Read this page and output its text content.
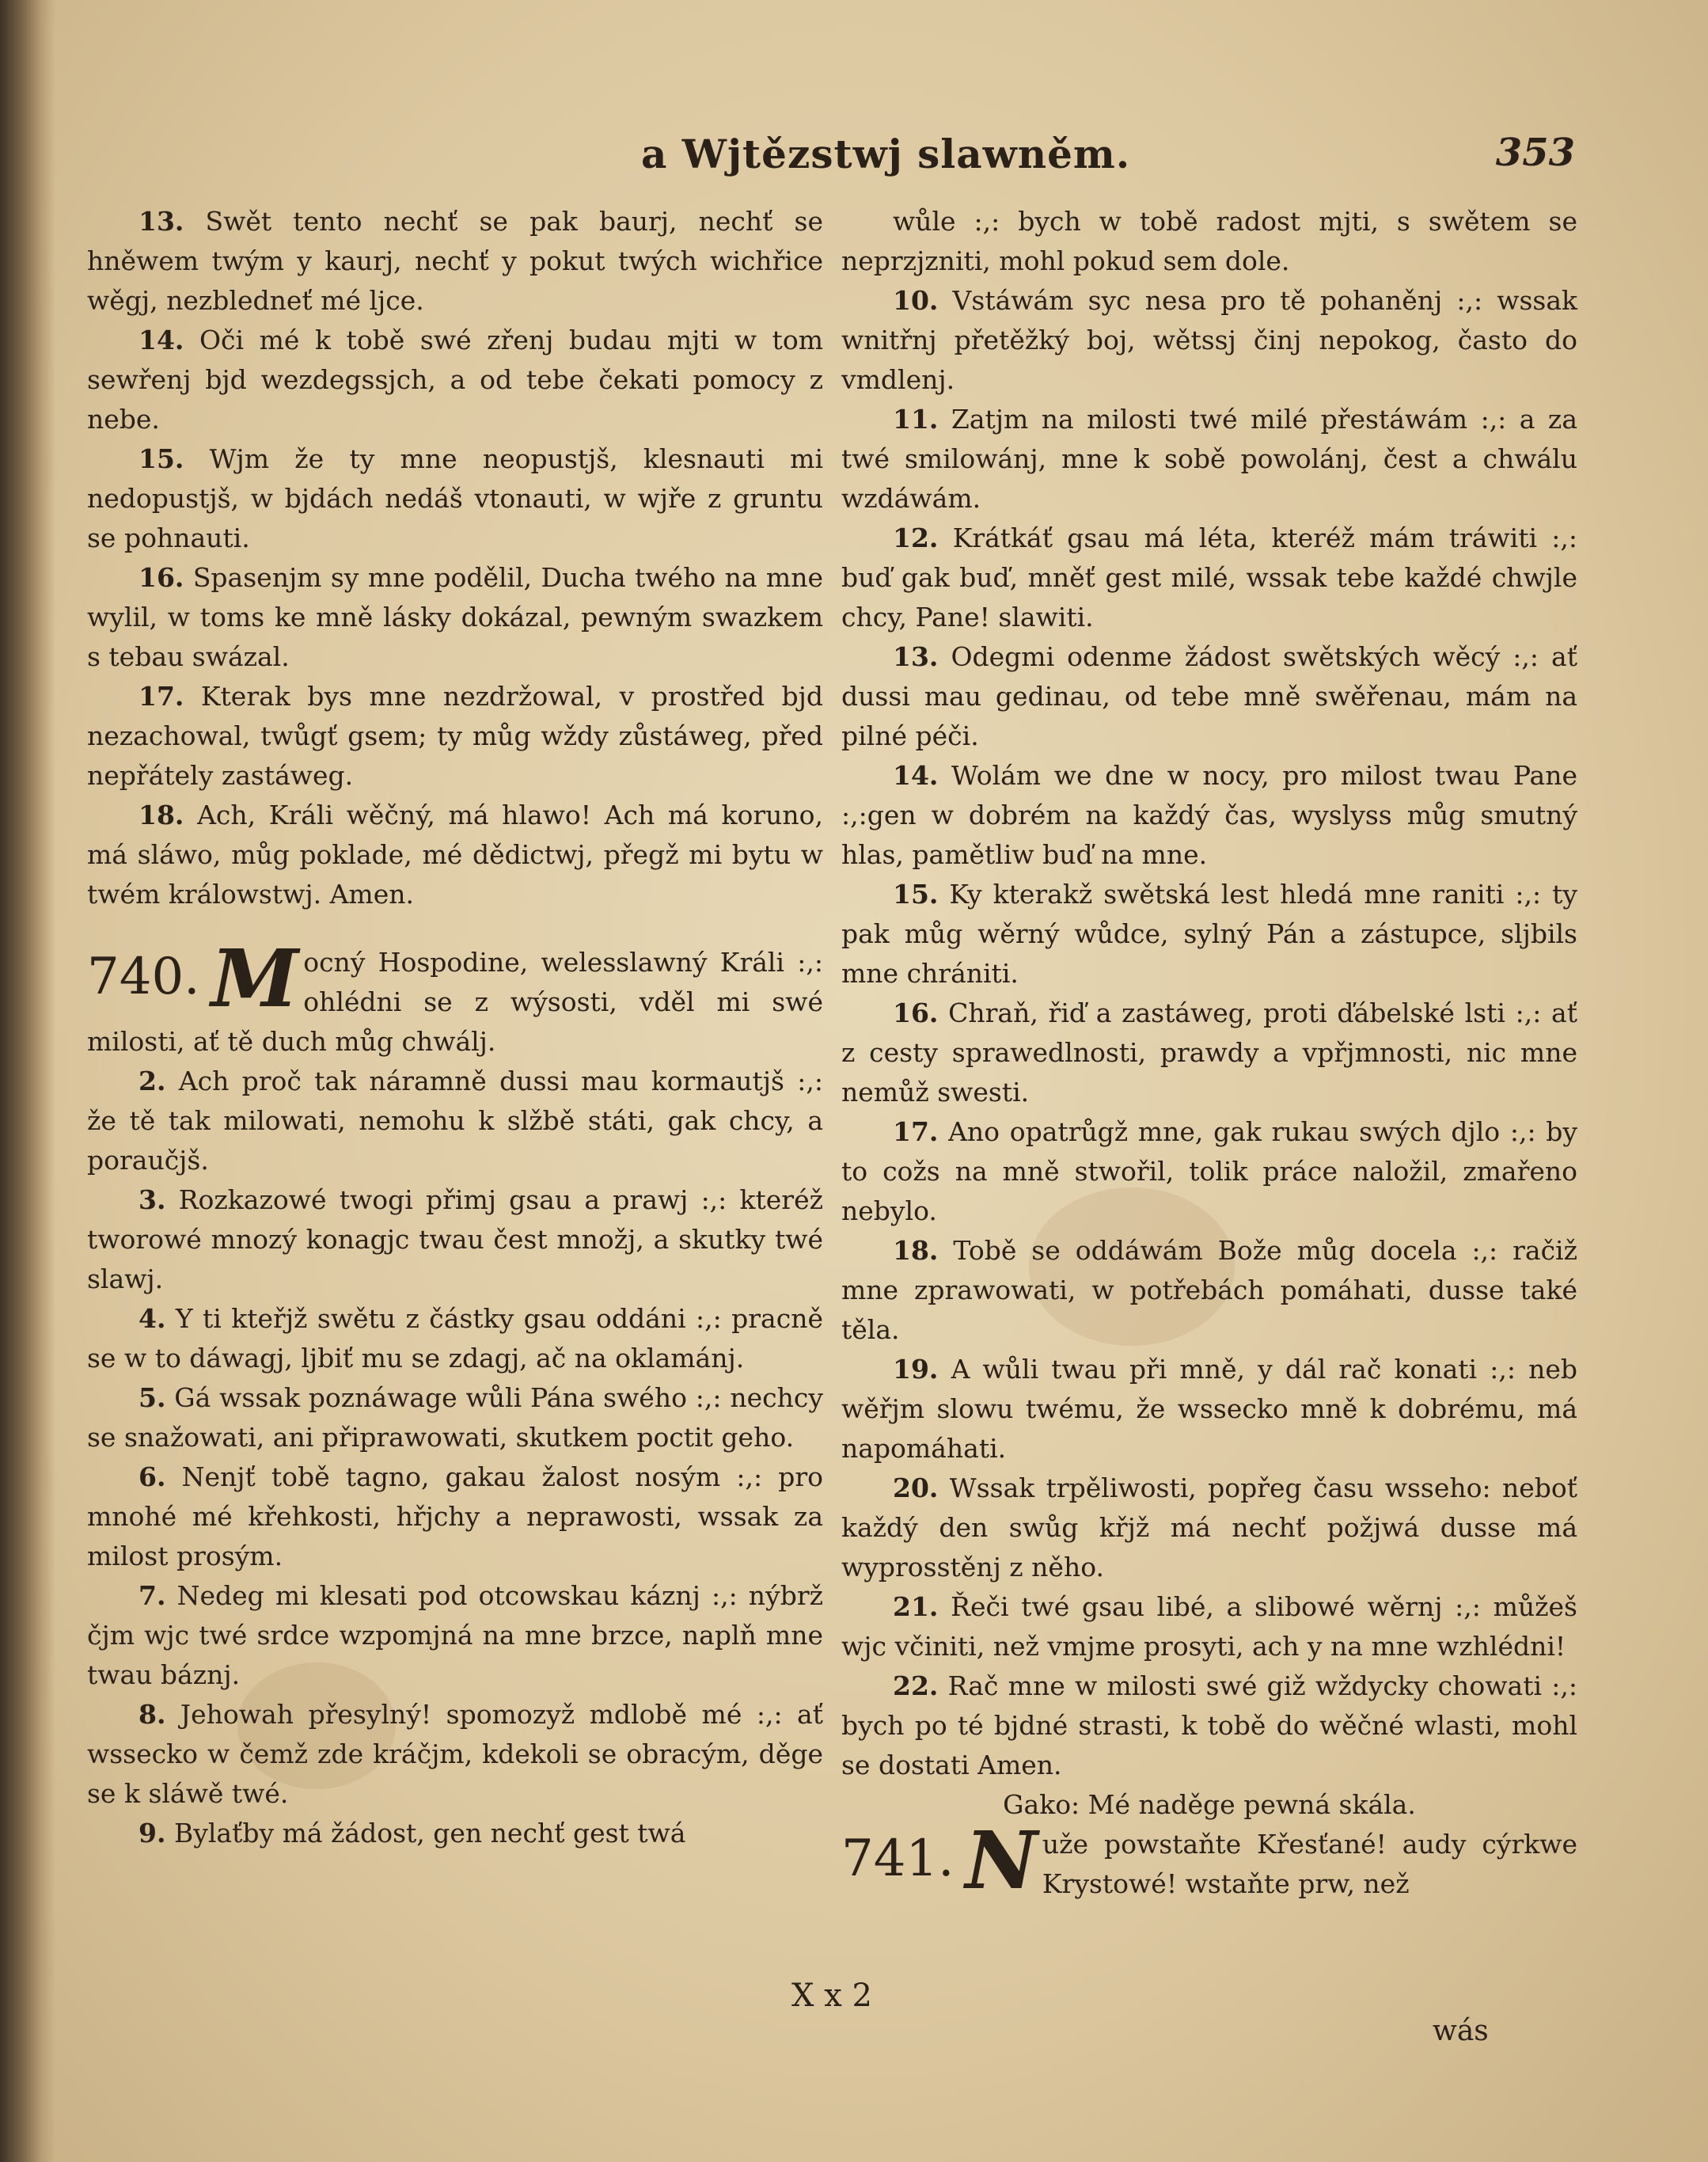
a Wjtězstwj slawněm.	353

13. Swět tento nechť se pak baurj, nechť se hněwem twým y kaurj, nechť y pokut twých wichřice wěgj, nezbledneť mé ljce.

14. Oči mé k tobě swé zřenj budau mjti w tom sewřenj bjd wezdegssjch, a od tebe čekati pomocy z nebe.

15. Wjm že ty mne neopustjš, klesnauti mi nedopustjš, w bjdách nedáš vtonauti, w wjře z gruntu se pohnauti.

16. Spasenjm sy mne podělil, Ducha twého na mne wylil, w toms ke mně lásky dokázal, pewným swazkem s tebau swázal.

17. Kterak bys mne nezdržowal, v prostřed bjd nezachowal, twůgť gsem; ty můg wždy zůstáweg, před nepřátely zastáweg.

18. Ach, Králi wěčný, má hlawo! Ach má koruno, má sláwo, můg poklade, mé dědictwj, přegž mi bytu w twém králowstwj. Amen.

740. M ocný Hospodine, welesslawný Králi :,: ohlédni se z wýsosti, vděl mi swé milosti, ať tě duch můg chwálj.

2. Ach proč tak náramně dussi mau kormautjš :,: že tě tak milowati, nemohu k slžbě státi, gak chcy, a poraučjš.

3. Rozkazowé twogi přimj gsau a prawj :,: kteréž tworowé mnozý konagjc twau čest množj, a skutky twé slawj.

4. Y ti kteřjž swětu z částky gsau oddáni :,: pracně se w to dáwagj, ljbiť mu se zdagj, ač na oklamánj.

5. Gá wssak poznáwage wůli Pána swého :,: nechcy se snažowati, ani připrawowati, skutkem poctit geho.

6. Nenjť tobě tagno, gakau žalost nosým :,: pro mnohé mé křehkosti, hřjchy a neprawosti, wssak za milost prosým.

7. Nedeg mi klesati pod otcowskau káznj :,: nýbrž čjm wjc twé srdce wzpomjná na mne brzce, naplň mne twau báznj.

8. Jehowah přesylný! spomozyž mdlobě mé :,: ať wssecko w čemž zde kráčjm, kdekoli se obracým, děge se k sláwě twé.

9. Bylaťby má žádost, gen nechť gest twá

wůle :,: bych w tobě radost mjti, s swětem se neprzjzniti, mohl pokud sem dole.

10. Vstáwám syc nesa pro tě pohaněnj :,: wssak wnitřnj přetěžký boj, wětssj činj nepokog, často do vmdlenj.

11. Zatjm na milosti twé milé přestáwám :,: a za twé smilowánj, mne k sobě powolánj, čest a chwálu wzdáwám.

12. Krátkáť gsau má léta, kteréž mám tráwiti :,: buď gak buď, mněť gest milé, wssak tebe každé chwjle chcy, Pane! slawiti.

13. Odegmi odenme žádost swětských wěcý :,: ať dussi mau gedinau, od tebe mně swěřenau, mám na pilné péči.

14. Wolám we dne w nocy, pro milost twau Pane :,:gen w dobrém na každý čas, wyslyss můg smutný hlas, pamětliw buď na mne.

15. Ky kterakž swětská lest hledá mne raniti :,: ty pak můg wěrný wůdce, sylný Pán a zástupce, sljbils mne chrániti.

16. Chraň, řiď a zastáweg, proti ďábelské lsti :,: ať z cesty sprawedlnosti, prawdy a vpřjmnosti, nic mne nemůž swesti.

17. Ano opatrůgž mne, gak rukau swých djlo :,: by to cožs na mně stwořil, tolik práce naložil, zmařeno nebylo.

18. Tobě se oddáwám Bože můg docela :,: račiž mne zprawowati, w potřebách pomáhati, dusse také těla.

19. A wůli twau při mně, y dál rač konati :,: neb wěřjm slowu twému, že wssecko mně k dobrému, má napomáhati.

20. Wssak trpěliwosti, popřeg času wsseho: neboť každý den swůg křjž má nechť požjwá dusse má wyprosstěnj z něho.

21. Řeči twé gsau libé, a slibowé wěrnj :,: můžeš wjc včiniti, než vmjme prosyti, ach y na mne wzhlédni!

22. Rač mne w milosti swé giž wždycky chowati :,: bych po té bjdné strasti, k tobě do wěčné wlasti, mohl se dostati Amen.

Gako: Mé naděge pewná skála.

741. N uže powstaňte Křesťané! audy cýrkwe Krystowé! wstaňte prw, než

X x 2
wás
